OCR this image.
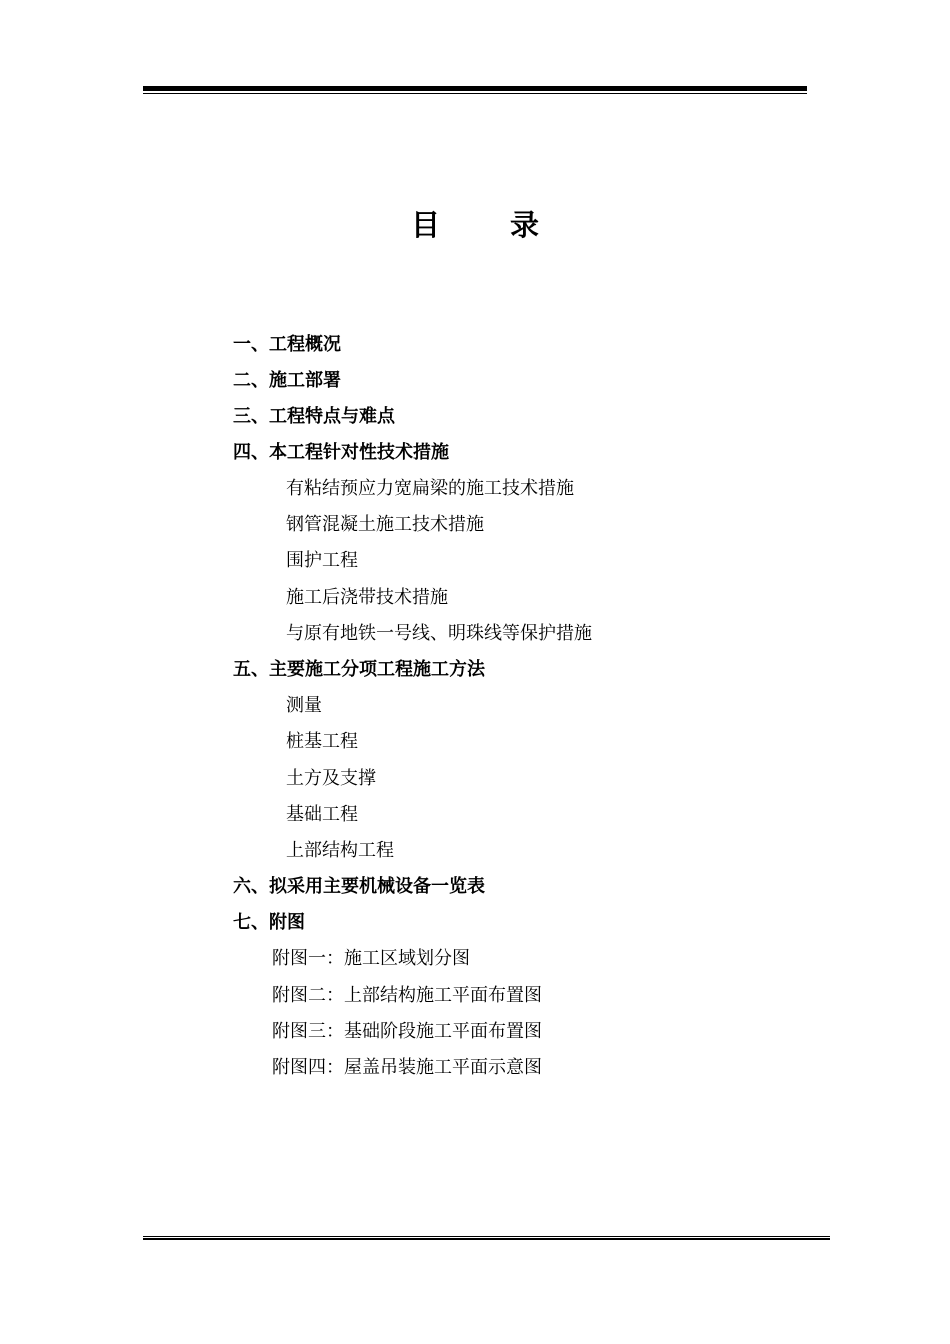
目 录
一、工程概况
二、施工部署
三、工程特点与难点
四、本工程针对性技术措施
有粘结预应力宽扁梁的施工技术措施
钢管混凝土施工技术措施
围护工程
施工后浇带技术措施
与原有地铁一号线、明珠线等保护措施
五、主要施工分项工程施工方法
测量
桩基工程
土方及支撑
基础工程
上部结构工程
六、拟采用主要机械设备一览表
七、附图
附图一：施工区域划分图
附图二：上部结构施工平面布置图
附图三：基础阶段施工平面布置图
附图四：屋盖吊装施工平面示意图
